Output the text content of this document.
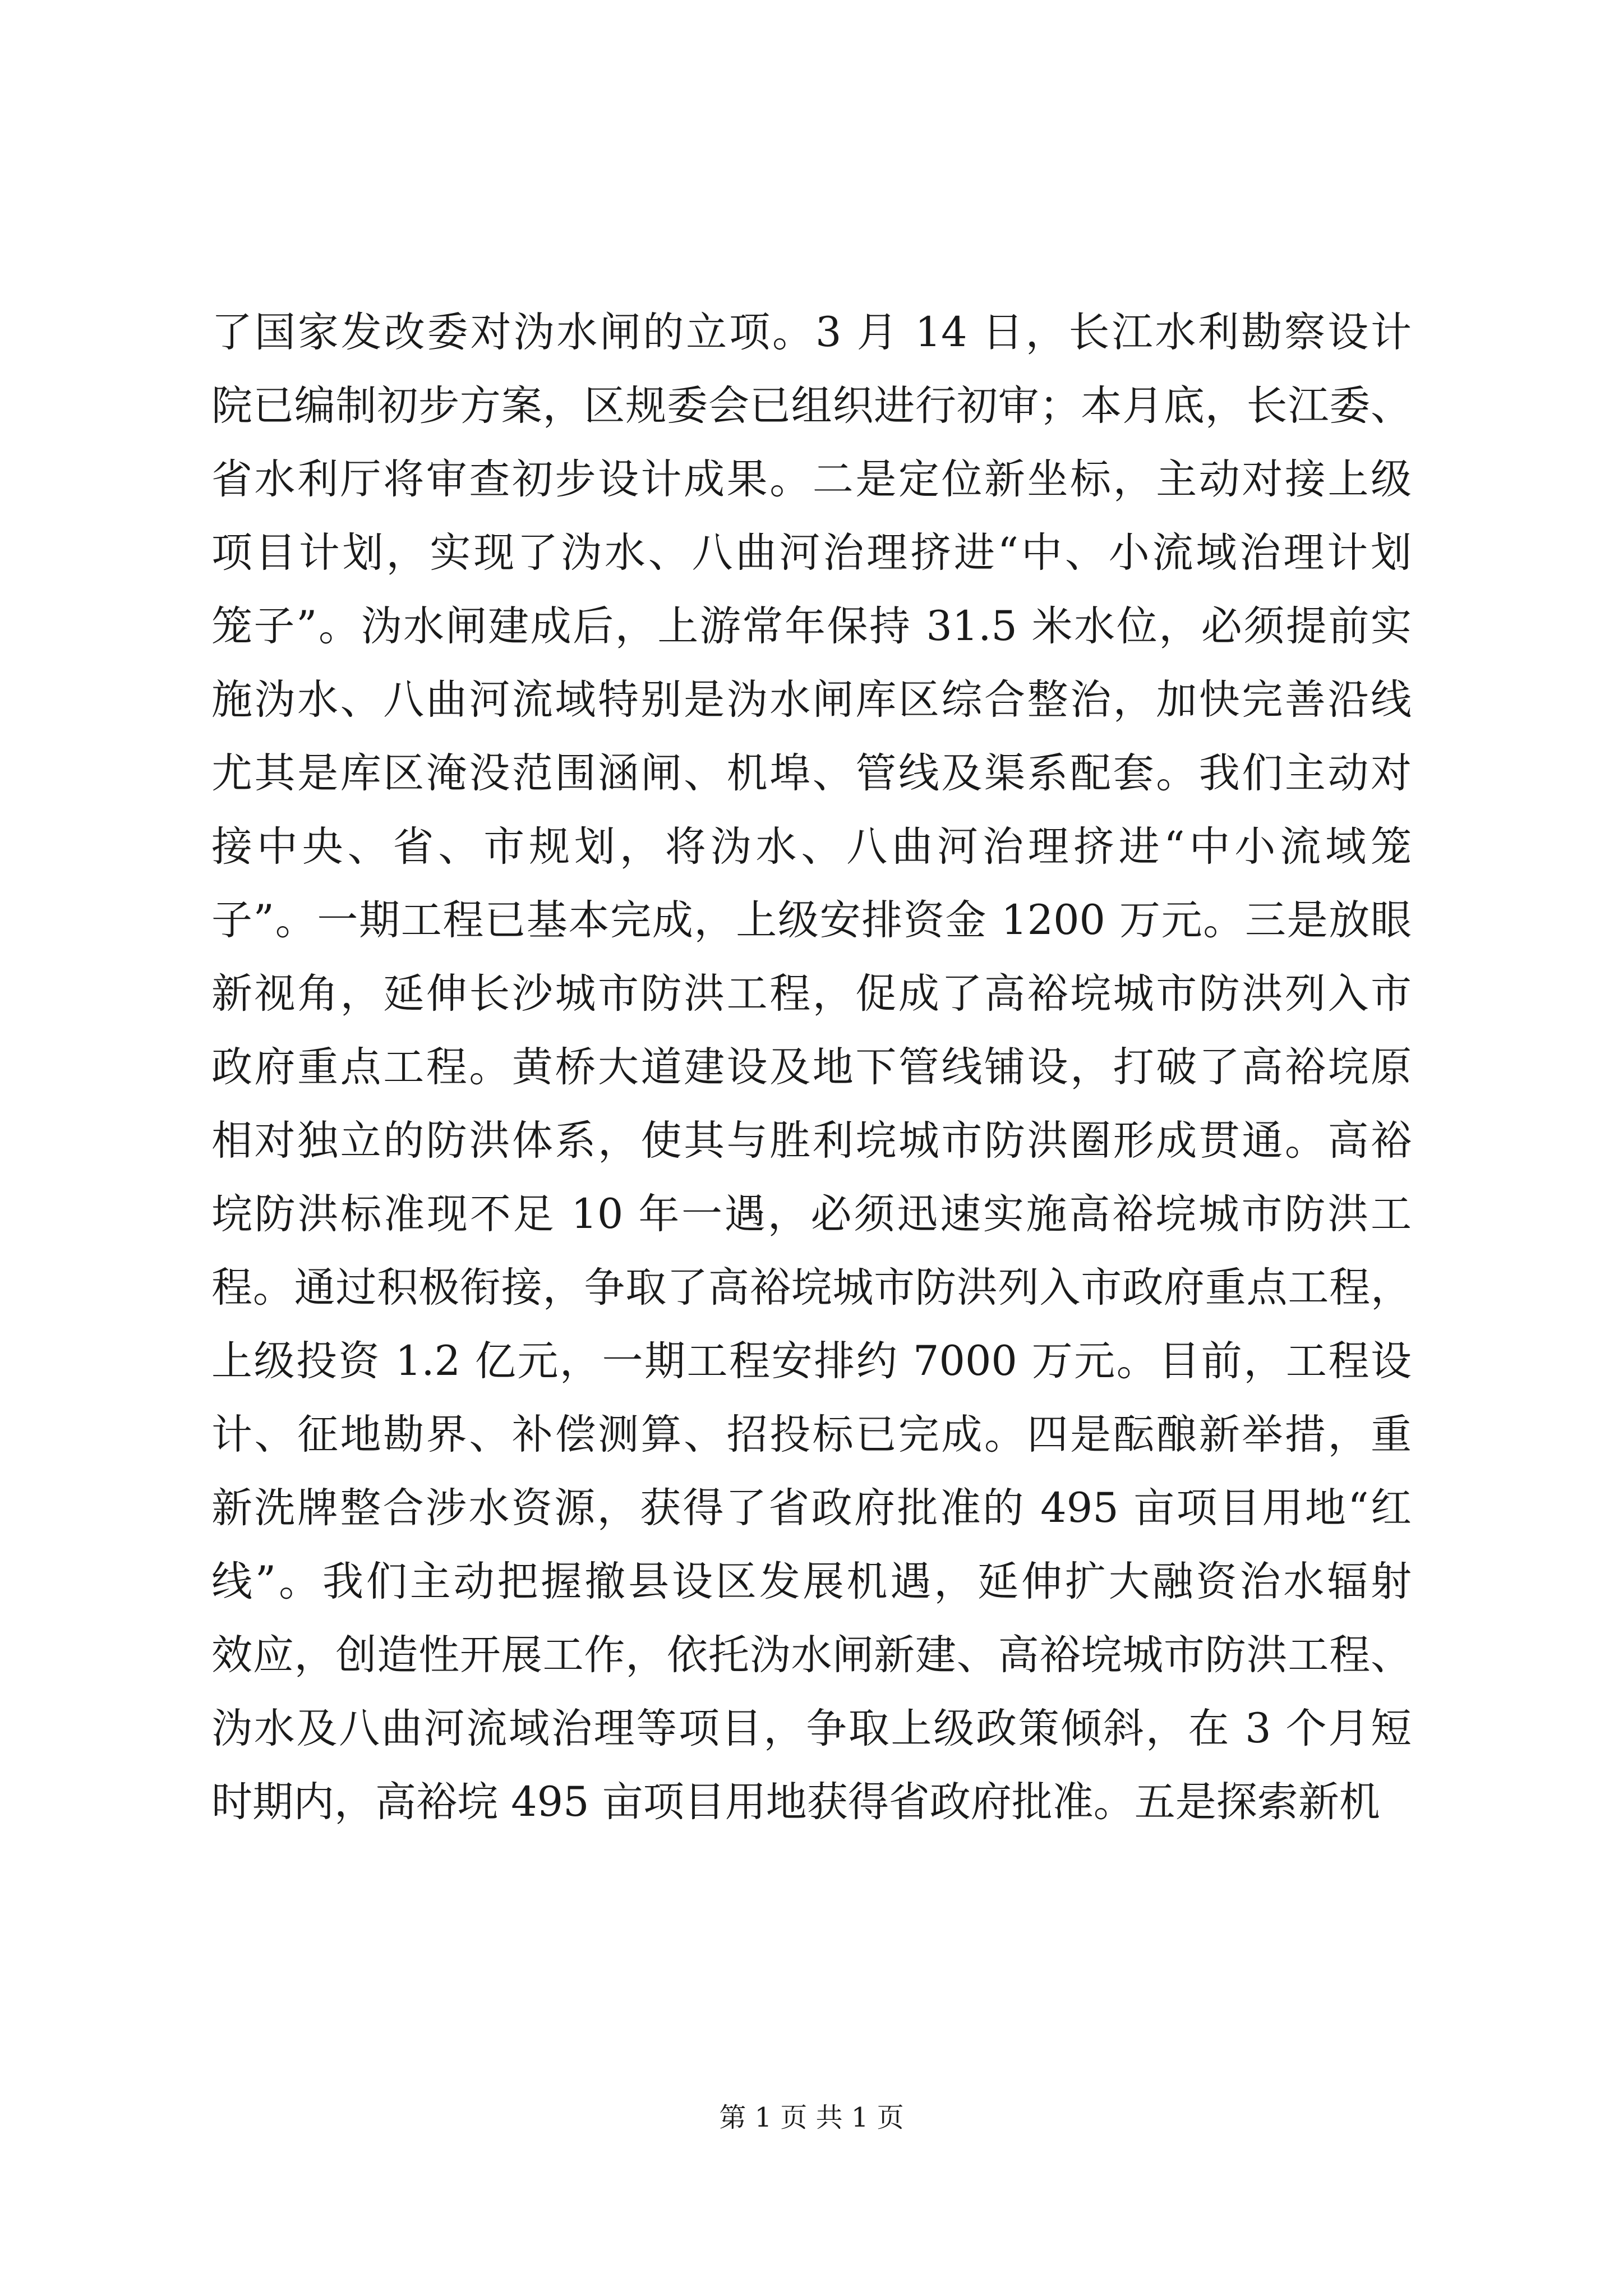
了国家发改委对沩水闸的立项。3 月 14 日，长江水利勘察设计
院已编制初步方案，区规委会已组织进行初审；本月底，长江委、
省水利厅将审查初步设计成果。二是定位新坐标，主动对接上级
项目计划，实现了沩水、八曲河治理挤进“中、小流域治理计划
笼子”。沩水闸建成后，上游常年保持 31.5 米水位，必须提前实
施沩水、八曲河流域特别是沩水闸库区综合整治，加快完善沿线
尤其是库区淹没范围涵闸、机埠、管线及渠系配套。我们主动对
接中央、省、市规划，将沩水、八曲河治理挤进“中小流域笼
子”。一期工程已基本完成，上级安排资金 1200 万元。三是放眼
新视角，延伸长沙城市防洪工程，促成了高裕垸城市防洪列入市
政府重点工程。黄桥大道建设及地下管线铺设，打破了高裕垸原
相对独立的防洪体系，使其与胜利垸城市防洪圈形成贯通。高裕
垸防洪标准现不足 10 年一遇，必须迅速实施高裕垸城市防洪工
程。通过积极衔接，争取了高裕垸城市防洪列入市政府重点工程，
上级投资 1.2 亿元，一期工程安排约 7000 万元。目前，工程设
计、征地勘界、补偿测算、招投标已完成。四是酝酿新举措，重
新洗牌整合涉水资源，获得了省政府批准的 495 亩项目用地“红
线”。我们主动把握撤县设区发展机遇，延伸扩大融资治水辐射
效应，创造性开展工作，依托沩水闸新建、高裕垸城市防洪工程、
沩水及八曲河流域治理等项目，争取上级政策倾斜，在 3 个月短
时期内，高裕垸 495 亩项目用地获得省政府批准。五是探索新机
第 1 页 共 1 页
